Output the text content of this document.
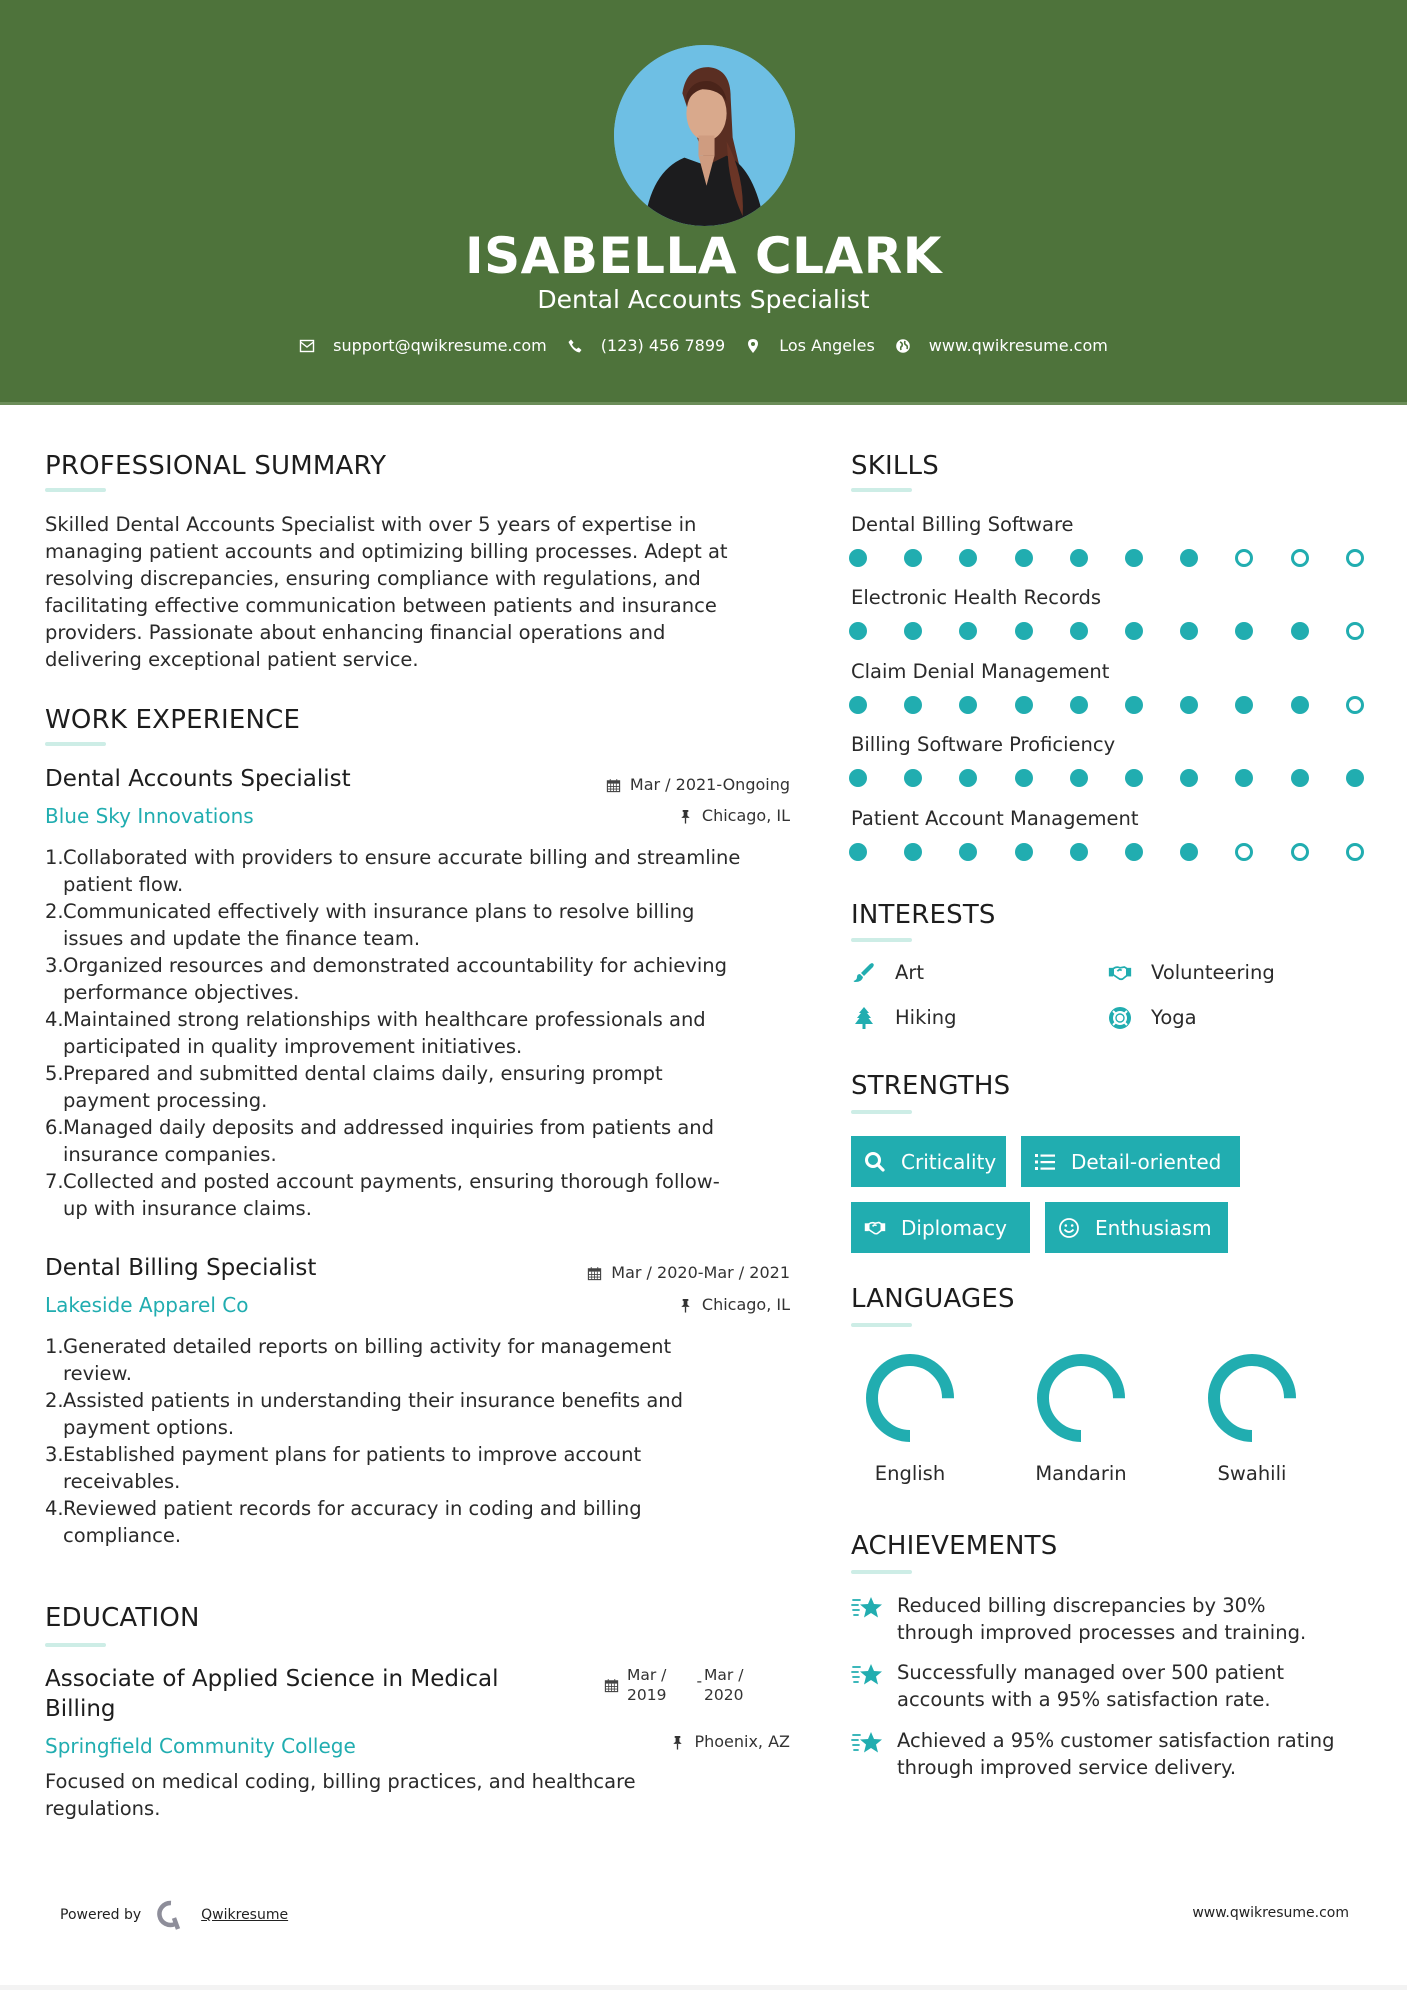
ISABELLA CLARK
Dental Accounts Specialist
support@qwikresume.com	(123) 456 7899	Los Angeles	www.qwikresume.com
PROFESSIONAL SUMMARY
Skilled Dental Accounts Specialist with over 5 years of expertise in
managing patient accounts and optimizing billing processes. Adept at
resolving discrepancies, ensuring compliance with regulations, and
facilitating effective communication between patients and insurance
providers. Passionate about enhancing financial operations and
delivering exceptional patient service.
WORK EXPERIENCE
Dental Accounts Specialist	Mar / 2021-Ongoing
Blue Sky Innovations	Chicago, IL
1. Collaborated with providers to ensure accurate billing and streamline
patient flow.
2. Communicated effectively with insurance plans to resolve billing
issues and update the finance team.
3. Organized resources and demonstrated accountability for achieving
performance objectives.
4. Maintained strong relationships with healthcare professionals and
participated in quality improvement initiatives.
5. Prepared and submitted dental claims daily, ensuring prompt
payment processing.
6. Managed daily deposits and addressed inquiries from patients and
insurance companies.
7. Collected and posted account payments, ensuring thorough follow-
up with insurance claims.
Dental Billing Specialist	Mar / 2020-Mar / 2021
Lakeside Apparel Co	Chicago, IL
1. Generated detailed reports on billing activity for management
review.
2. Assisted patients in understanding their insurance benefits and
payment options.
3. Established payment plans for patients to improve account
receivables.
4. Reviewed patient records for accuracy in coding and billing
compliance.
EDUCATION
Associate of Applied Science in Medical
Billing
Mar /
2019
- Mar /
2020
Springfield Community College	Phoenix, AZ
Focused on medical coding, billing practices, and healthcare
regulations.
SKILLS
Dental Billing Software
Electronic Health Records
Claim Denial Management
Billing Software Proficiency
Patient Account Management
INTERESTS
Art	Volunteering
Hiking	Yoga
STRENGTHS
Criticality	Detail-oriented
Diplomacy	Enthusiasm
LANGUAGES
English	Mandarin	Swahili
ACHIEVEMENTS
Reduced billing discrepancies by 30%
through improved processes and training.
Successfully managed over 500 patient
accounts with a 95% satisfaction rate.
Achieved a 95% customer satisfaction rating
through improved service delivery.
Powered by	Qwikresume	www.qwikresume.com
